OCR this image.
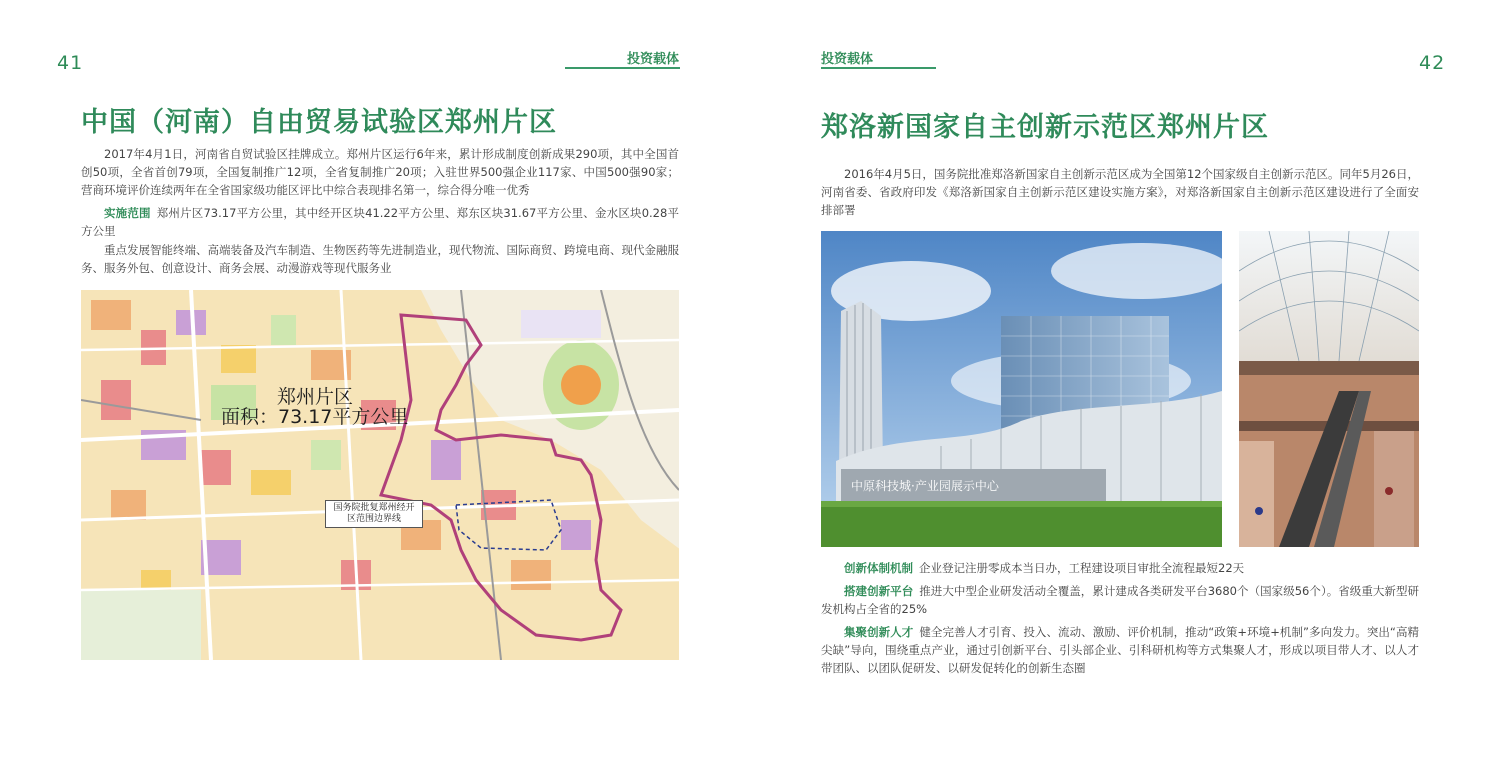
41	投资载体
中国（河南）自由贸易试验区郑州片区
2017年4月1日，河南省自贸试验区挂牌成立。郑州片区运行6年来，累计形成制度创新成果290项，其中全国首创50项，全省首创79项，全国复制推广12项，全省复制推广20项；入驻世界500强企业117家、中国500强90家；营商环境评价连续两年在全省国家级功能区评比中综合表现排名第一，综合得分唯一优秀
实施范围 郑州片区73.17平方公里，其中经开区块41.22平方公里、郑东区块31.67平方公里、金水区块0.28平方公里
重点发展智能终端、高端装备及汽车制造、生物医药等先进制造业，现代物流、国际商贸、跨境电商、现代金融服务、服务外包、创意设计、商务会展、动漫游戏等现代服务业
郑州片区
面积：73.17平方公里
国务院批复郑州经开区范围边界线
42
投资载体
郑洛新国家自主创新示范区郑州片区
2016年4月5日，国务院批准郑洛新国家自主创新示范区成为全国第12个国家级自主创新示范区。同年5月26日，河南省委、省政府印发《郑洛新国家自主创新示范区建设实施方案》，对郑洛新国家自主创新示范区建设进行了全面安排部署
中原科技城·产业园展示中心
创新体制机制 企业登记注册零成本当日办，工程建设项目审批全流程最短22天
搭建创新平台 推进大中型企业研发活动全覆盖，累计建成各类研发平台3680个（国家级56个）。省级重大新型研发机构占全省的25%
集聚创新人才 健全完善人才引育、投入、流动、激励、评价机制，推动“政策+环境+机制”多向发力。突出“高精尖缺”导向，围绕重点产业，通过引创新平台、引头部企业、引科研机构等方式集聚人才，形成以项目带人才、以人才带团队、以团队促研发、以研发促转化的创新生态圈
